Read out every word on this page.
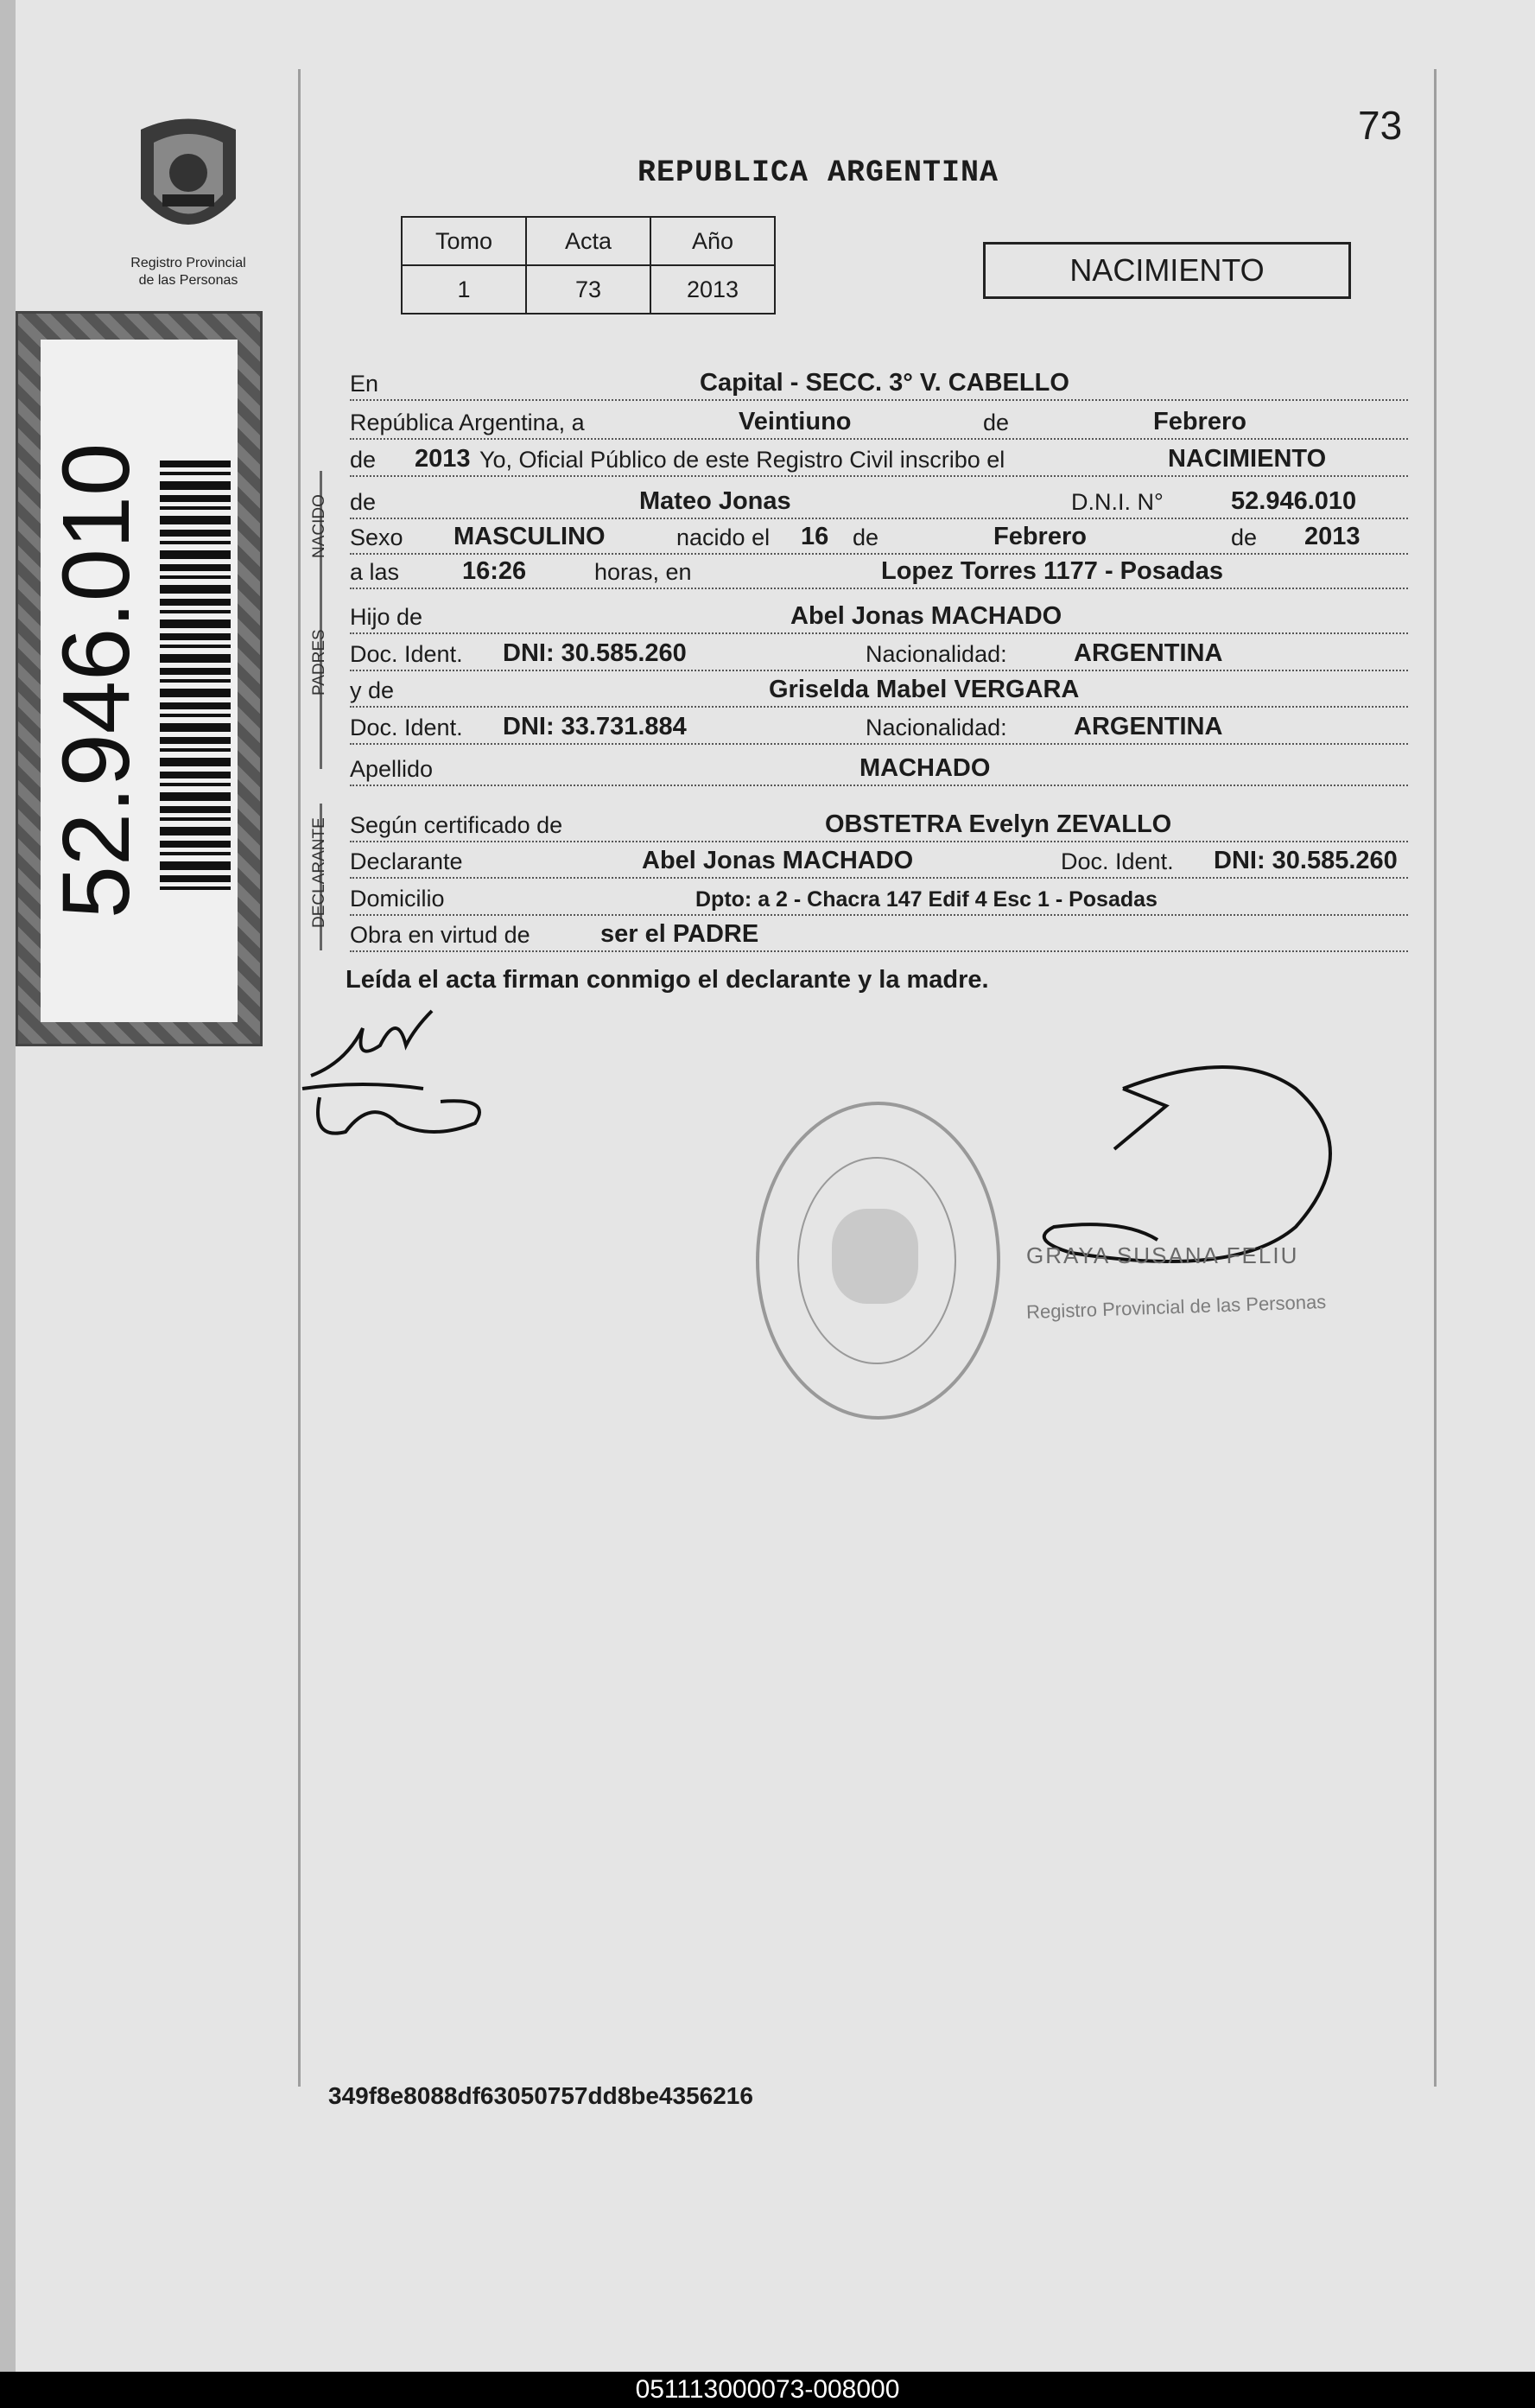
73
Registro Provincial
de las Personas
REPUBLICA ARGENTINA
Tomo	Acta	Año
1	73	2013
NACIMIENTO
52.946.010	NACIDO
PADRES
DECLARANTE
En	Capital - SECC. 3° V. CABELLO
República Argentina, a	Veintiuno	de	Febrero
de 2013 Yo, Oficial Público de este Registro Civil inscribo el	NACIMIENTO
de	Mateo Jonas	D.N.I. N°	52.946.010
Sexo MASCULINO	nacido el 16 de	Febrero	de 2013
a las	16:26	horas, en	Lopez Torres 1177 - Posadas
Hijo de	Abel Jonas MACHADO
Doc. Ident. DNI: 30.585.260	Nacionalidad:	ARGENTINA
y de	Griselda Mabel VERGARA
Doc. Ident. DNI: 33.731.884	Nacionalidad:	ARGENTINA
Apellido	MACHADO
Según certificado de	OBSTETRA Evelyn ZEVALLO
Declarante	Abel Jonas MACHADO	Doc. Ident. DNI: 30.585.260
Domicilio	Dpto: a 2 - Chacra 147 Edif 4 Esc 1 - Posadas
Obra en virtud de	ser el PADRE
Leída el acta firman conmigo el declarante y la madre.
GRAYA SUSANA FELIU
Registro Provincial de las Personas
349f8e8088df63050757dd8be4356216
051113000073-008000
